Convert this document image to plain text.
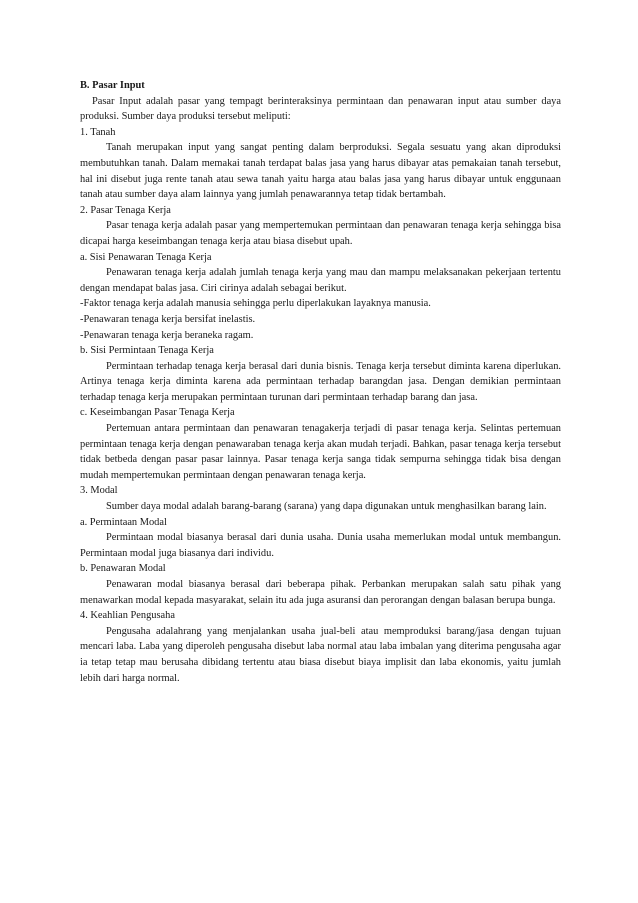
B. Pasar Input

Pasar Input adalah pasar yang tempagt berinteraksinya permintaan dan penawaran input atau sumber daya produksi. Sumber daya produksi tersebut meliputi:

1. Tanah

Tanah merupakan input yang sangat penting dalam berproduksi. Segala sesuatu yang akan diproduksi membutuhkan tanah. Dalam memakai tanah terdapat balas jasa yang harus dibayar atas pemakaian tanah tersebut, hal ini disebut juga rente tanah atau sewa tanah yaitu harga atau balas jasa yang harus dibayar untuk enggunaan tanah atau sumber daya alam lainnya yang jumlah penawarannya tetap tidak bertambah.

2. Pasar Tenaga Kerja

Pasar tenaga kerja adalah pasar yang mempertemukan permintaan dan penawaran tenaga kerja sehingga bisa dicapai harga keseimbangan tenaga kerja atau biasa disebut upah.

a. Sisi Penawaran Tenaga Kerja

Penawaran tenaga kerja adalah jumlah tenaga kerja yang mau dan mampu melaksanakan pekerjaan tertentu dengan mendapat balas jasa. Ciri cirinya adalah sebagai berikut.

-Faktor tenaga kerja adalah manusia sehingga perlu diperlakukan layaknya manusia.

-Penawaran tenaga kerja bersifat inelastis.

-Penawaran tenaga kerja beraneka ragam.

b. Sisi Permintaan Tenaga Kerja

Permintaan terhadap tenaga kerja berasal dari dunia bisnis. Tenaga kerja tersebut diminta karena diperlukan. Artinya tenaga kerja diminta karena ada permintaan terhadap barangdan jasa. Dengan demikian permintaan terhadap tenaga kerja merupakan permintaan turunan dari permintaan terhadap barang dan jasa.

c. Keseimbangan Pasar Tenaga Kerja

Pertemuan antara permintaan dan penawaran tenagakerja terjadi di pasar tenaga kerja. Selintas pertemuan permintaan tenaga kerja dengan penawaraban tenaga kerja akan mudah terjadi. Bahkan, pasar tenaga kerja tersebut tidak betbeda dengan pasar pasar lainnya. Pasar tenaga kerja sanga tidak sempurna sehingga tidak bisa dengan mudah mempertemukan permintaan dengan penawaran tenaga kerja.

3. Modal

Sumber daya modal adalah barang-barang (sarana) yang dapa digunakan untuk menghasilkan barang lain.

a. Permintaan Modal

Permintaan modal biasanya berasal dari dunia usaha. Dunia usaha memerlukan modal untuk membangun. Permintaan modal juga biasanya dari individu.

b. Penawaran Modal

Penawaran modal biasanya berasal dari beberapa pihak. Perbankan merupakan salah satu pihak yang menawarkan modal kepada masyarakat, selain itu ada juga asuransi dan perorangan dengan balasan berupa bunga.

4. Keahlian Pengusaha

Pengusaha adalahrang yang menjalankan usaha jual-beli atau memproduksi barang/jasa dengan tujuan mencari laba. Laba yang diperoleh pengusaha disebut laba normal atau laba imbalan yang diterima pengusaha agar ia tetap tetap mau berusaha dibidang tertentu atau biasa disebut biaya implisit dan laba ekonomis, yaitu jumlah lebih dari harga normal.
